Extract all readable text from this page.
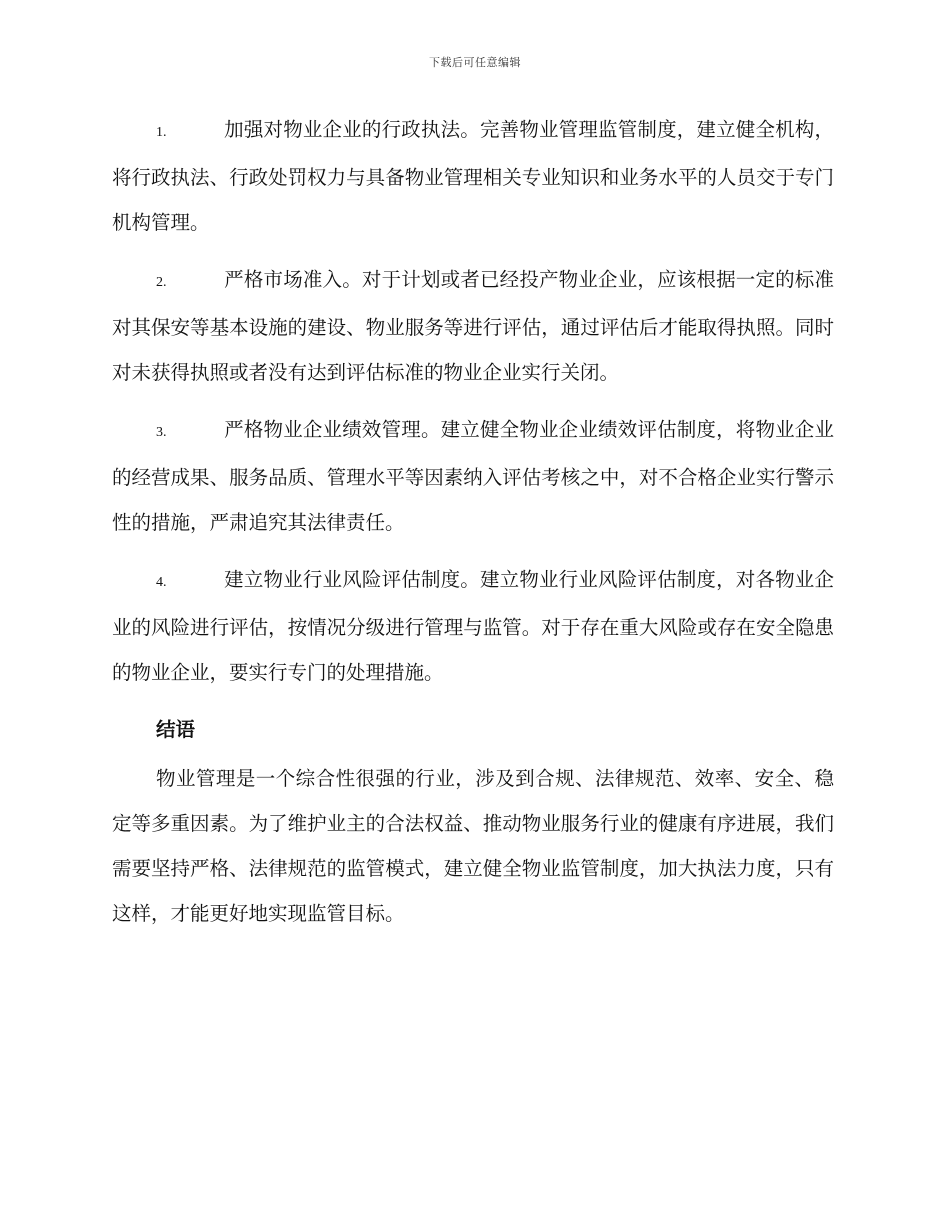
下载后可任意编辑

1.	加强对物业企业的行政执法。完善物业管理监管制度，建立健全机构，将行政执法、行政处罚权力与具备物业管理相关专业知识和业务水平的人员交于专门机构管理。

2.	严格市场准入。对于计划或者已经投产物业企业，应该根据一定的标准对其保安等基本设施的建设、物业服务等进行评估，通过评估后才能取得执照。同时对未获得执照或者没有达到评估标准的物业企业实行关闭。

3.	严格物业企业绩效管理。建立健全物业企业绩效评估制度，将物业企业的经营成果、服务品质、管理水平等因素纳入评估考核之中，对不合格企业实行警示性的措施，严肃追究其法律责任。

4.	建立物业行业风险评估制度。建立物业行业风险评估制度，对各物业企业的风险进行评估，按情况分级进行管理与监管。对于存在重大风险或存在安全隐患的物业企业，要实行专门的处理措施。

结语

物业管理是一个综合性很强的行业，涉及到合规、法律规范、效率、安全、稳定等多重因素。为了维护业主的合法权益、推动物业服务行业的健康有序进展，我们需要坚持严格、法律规范的监管模式，建立健全物业监管制度，加大执法力度，只有这样，才能更好地实现监管目标。
